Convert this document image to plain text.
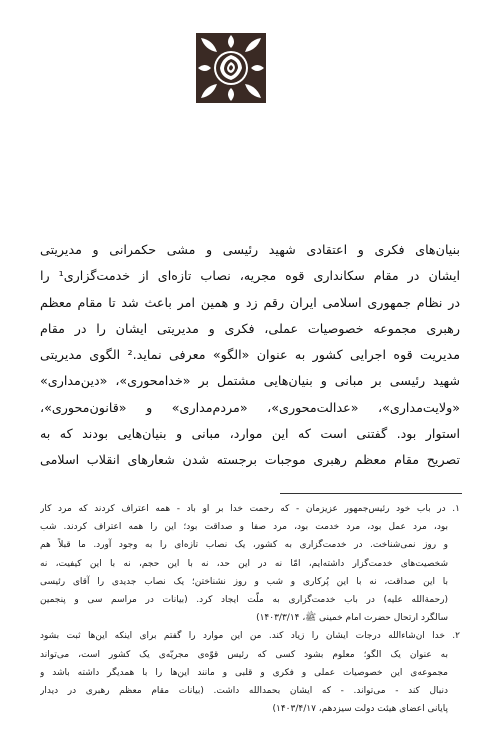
بنیان‌های فکری و اعتقادی شهید رئیسی و مشی حکمرانی و مدیریتی
ایشان در مقام سکانداری قوه مجریه، نصاب تازه‌ای از خدمت‌گزاری¹ را
در نظام جمهوری اسلامی ایران رقم زد و همین امر باعث شد تا مقام معظم
رهبری مجموعه خصوصیات عملی، فکری و مدیریتی ایشان را در مقام
مدیریت قوه اجرایی کشور به عنوان «الگو» معرفی نماید.² الگوی مدیریتی
شهید رئیسی بر مبانی و بنیان‌هایی مشتمل بر «خدامحوری»، «دین‌مداری»
«ولایت‌مداری»، «عدالت‌محوری»، «مردم‌مداری» و «قانون‌محوری»،
استوار بود. گفتنی است که این موارد، مبانی و بنیان‌هایی بودند که به
تصریح مقام معظم رهبری موجبات برجسته شدن شعارهای انقلاب اسلامی
۱. در باب خود رئیس‌جمهور عزیزمان - که رحمت خدا بر او باد - همه اعتراف کردند که مرد کار
بود، مرد عمل بود، مرد خدمت بود، مرد صفا و صداقت بود؛ این را همه اعتراف کردند. شب
و روز نمی‌شناخت. در خدمت‌گزاری به کشور، یک نصاب تازه‌ای را به وجود آورد. ما قبلاً هم
شخصیت‌های خدمت‌گزار داشته‌ایم، امّا نه در این حد، نه با این حجم، نه با این کیفیت، نه
با این صداقت، نه با این پُرکاری و شب و روز نشناختن؛ یک نصاب جدیدی را آقای رئیسی
(رحمةالله علیه) در باب خدمت‌گزاری به ملّت ایجاد کرد. (بیانات در مراسم سی و پنجمین
سالگرد ارتحال حضرت امام خمینی ﷺ، ۱۴۰۳/۳/۱۴)
۲. خدا ان‌شاءالله درجات ایشان را زیاد کند. من این موارد را گفتم برای اینکه این‌ها ثبت بشود
به عنوان یک الگو؛ معلوم بشود کسی که رئیس قوّه‌ی مجریّه‌ی یک کشور است، می‌تواند
مجموعه‌ی این خصوصیات عملی و فکری و قلبی و مانند این‌ها را با همدیگر داشته باشد و
دنبال کند - می‌تواند. - که ایشان بحمدالله داشت. (بیانات مقام معظم رهبری در دیدار
پایانی اعضای هیئت دولت سیزدهم، ۱۴۰۳/۴/۱۷)
